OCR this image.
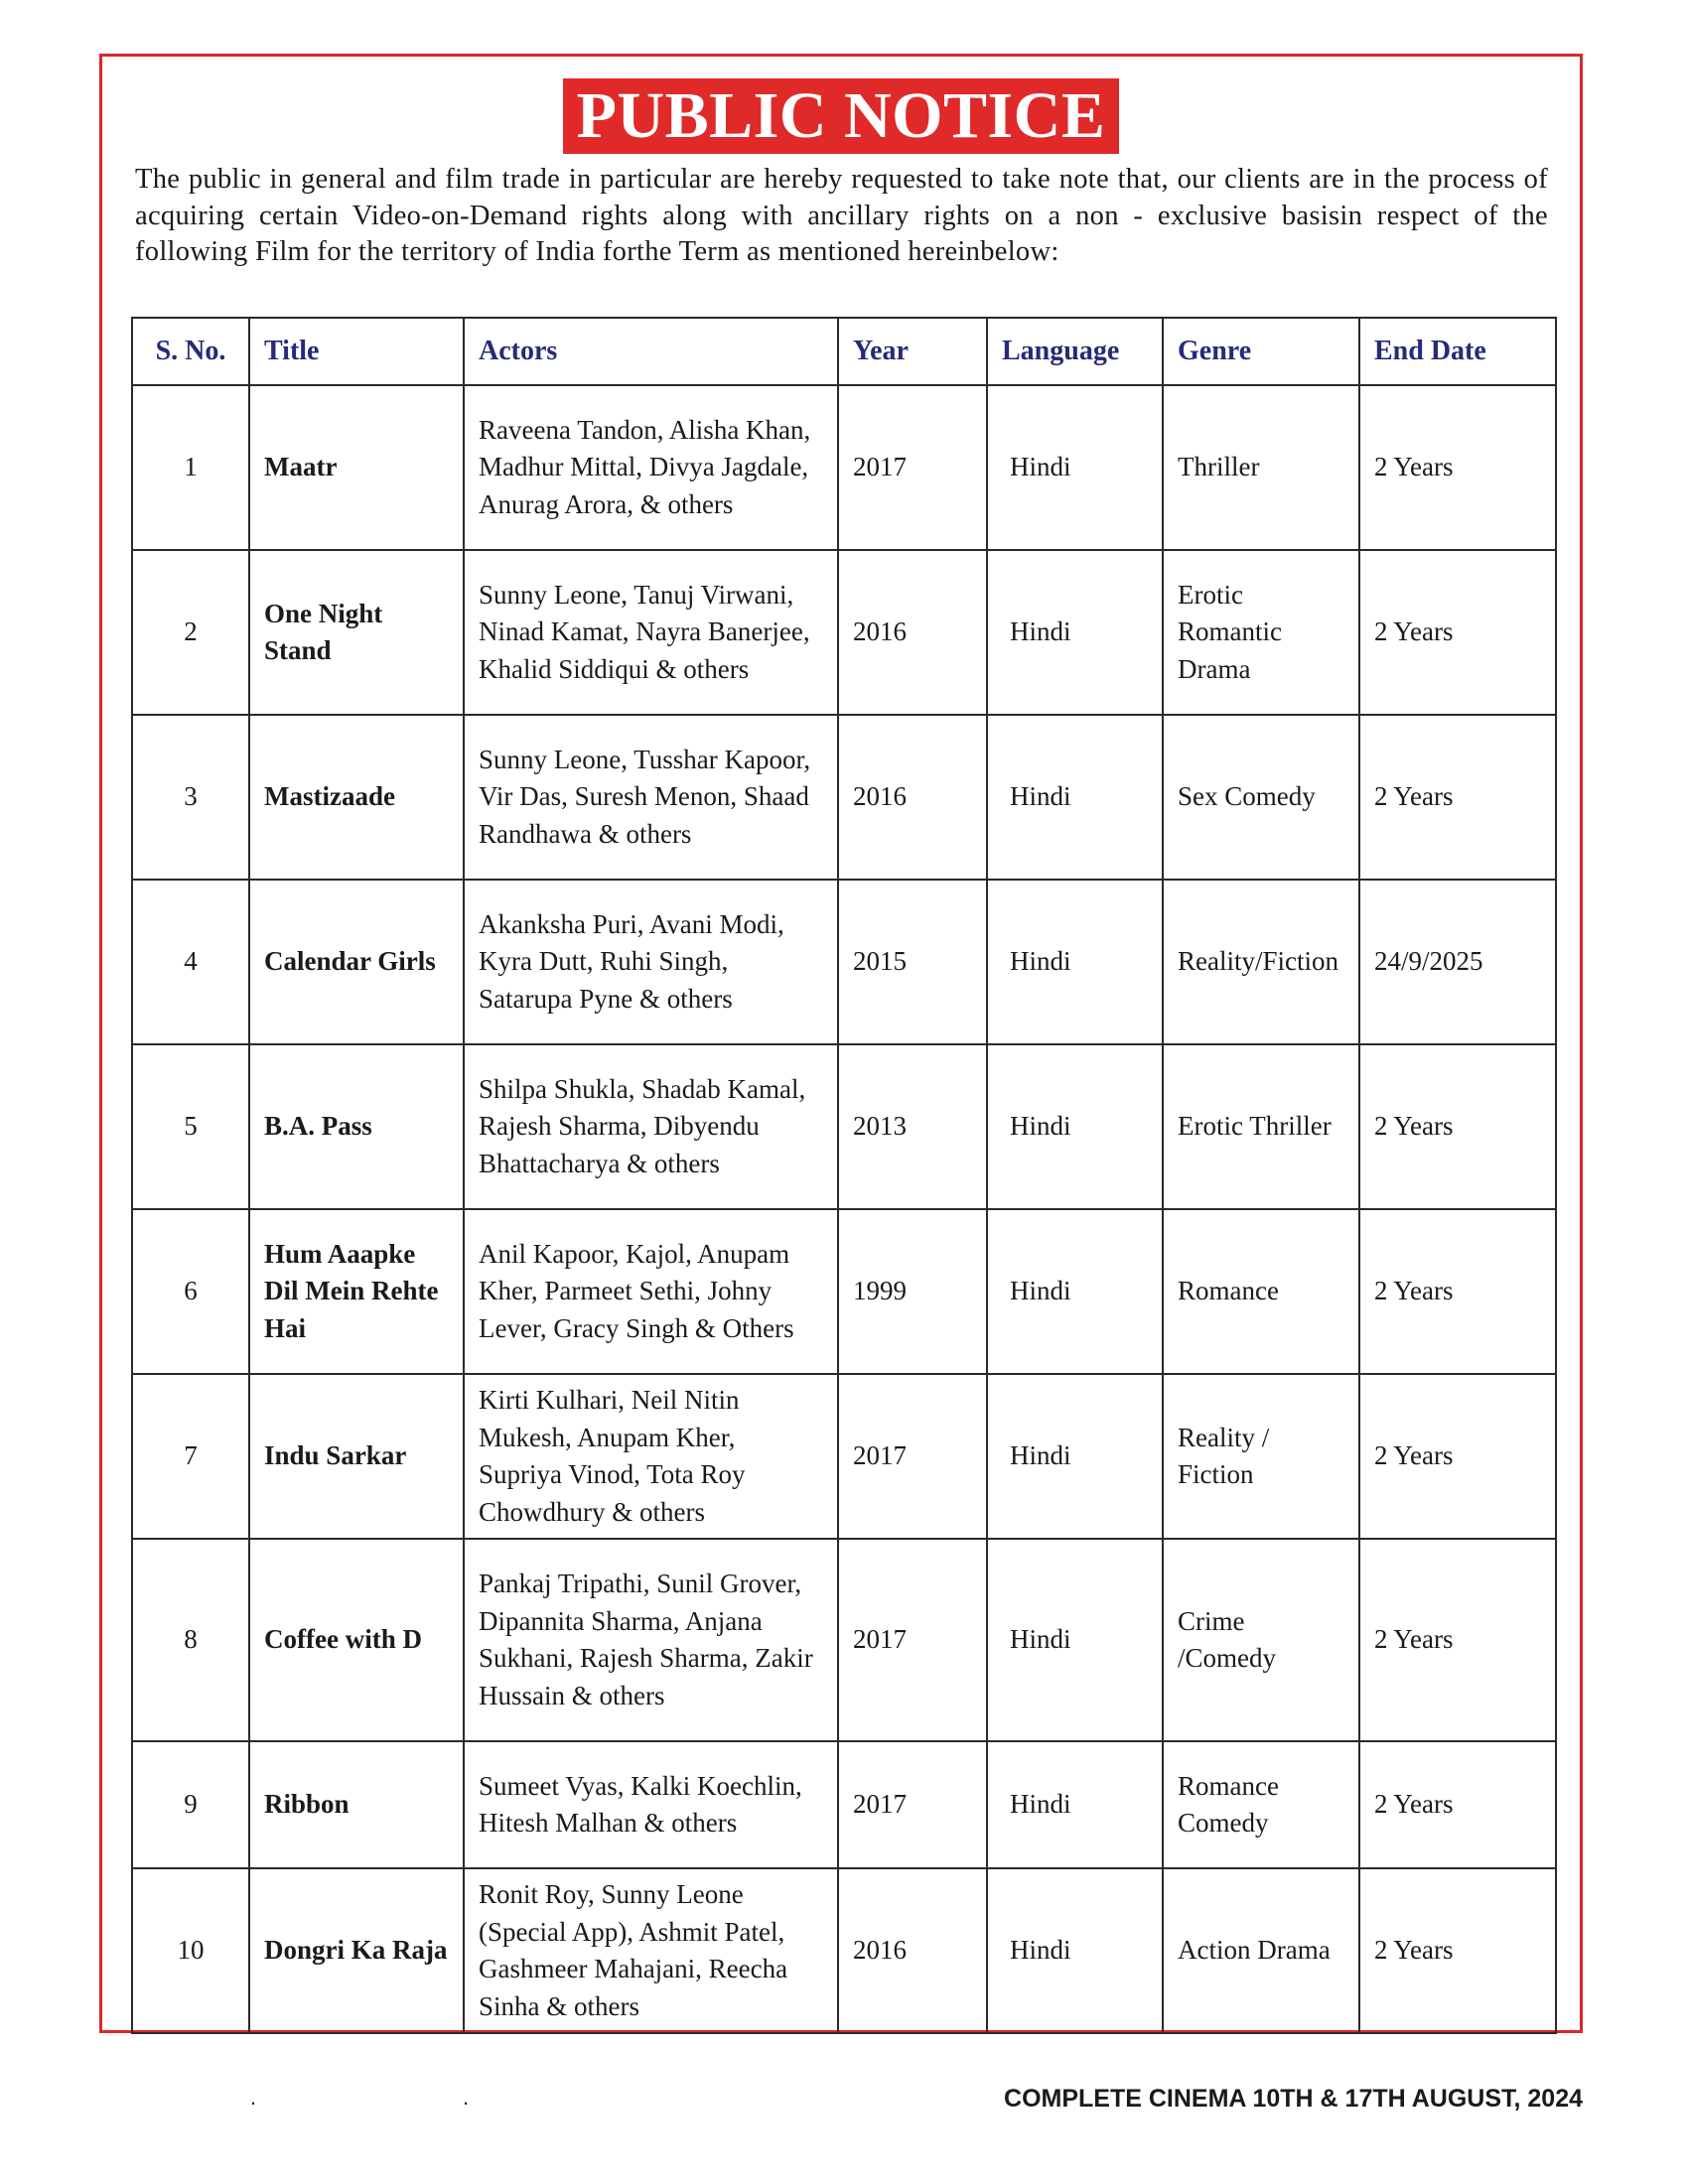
PUBLIC NOTICE
The public in general and film trade in particular are hereby requested to take note that, our clients are in the process of acquiring certain Video-on-Demand rights along with ancillary rights on a non - exclusive basisin respect of the following Film for the territory of India forthe Term as mentioned hereinbelow:
S. No.	Title	Actors	Year	Language	Genre	End Date
1	Maatr	Raveena Tandon, Alisha Khan, Madhur Mittal, Divya Jagdale, Anurag Arora, & others	2017	Hindi	Thriller	2 Years
2	One Night Stand	Sunny Leone, Tanuj Virwani, Ninad Kamat, Nayra Banerjee, Khalid Siddiqui & others	2016	Hindi	Erotic Romantic Drama	2 Years
3	Mastizaade	Sunny Leone, Tusshar Kapoor, Vir Das, Suresh Menon, Shaad Randhawa & others	2016	Hindi	Sex Comedy	2 Years
4	Calendar Girls	Akanksha Puri, Avani Modi, Kyra Dutt, Ruhi Singh, Satarupa Pyne & others	2015	Hindi	Reality/Fiction	24/9/2025
5	B.A. Pass	Shilpa Shukla, Shadab Kamal, Rajesh Sharma, Dibyendu Bhattacharya & others	2013	Hindi	Erotic Thriller	2 Years
6	Hum Aaapke Dil Mein Rehte Hai	Anil Kapoor, Kajol, Anupam Kher, Parmeet Sethi, Johny Lever, Gracy Singh & Others	1999	Hindi	Romance	2 Years
7	Indu Sarkar	Kirti Kulhari, Neil Nitin Mukesh, Anupam Kher, Supriya Vinod, Tota Roy Chowdhury & others	2017	Hindi	Reality / Fiction	2 Years
8	Coffee with D	Pankaj Tripathi, Sunil Grover, Dipannita Sharma, Anjana Sukhani, Rajesh Sharma, Zakir Hussain & others	2017	Hindi	Crime /Comedy	2 Years
9	Ribbon	Sumeet Vyas, Kalki Koechlin, Hitesh Malhan & others	2017	Hindi	Romance Comedy	2 Years
10	Dongri Ka Raja	Ronit Roy, Sunny Leone (Special App), Ashmit Patel, Gashmeer Mahajani, Reecha Sinha & others	2016	Hindi	Action Drama	2 Years
.	.	COMPLETE CINEMA 10TH & 17TH AUGUST, 2024
